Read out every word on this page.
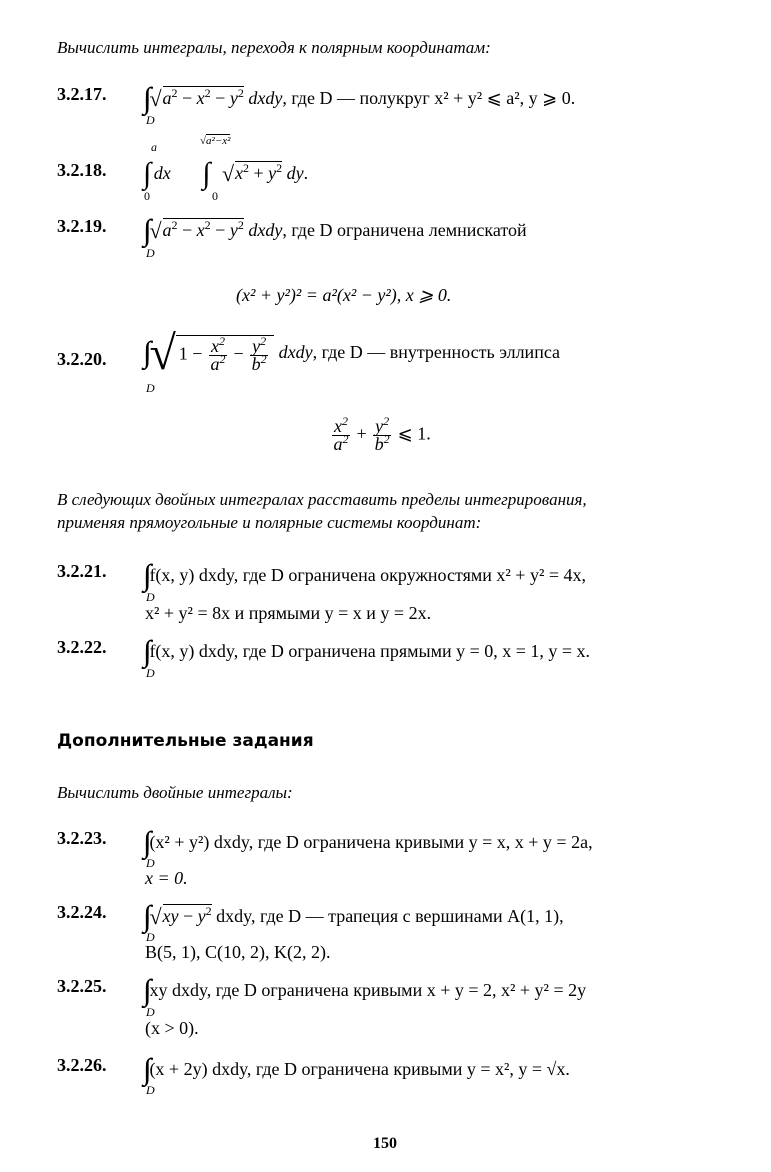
Вычислить интегралы, переходя к полярным координатам:
3.2.17. ∫∫ $√a^2 - x^2 - y^2$ dxdy, где D — полукруг x² + y² ⩽ a², y ⩾ 0.
D
3.2.18.
a	√a²−x²
∫ dx ∫ $√x^2 + y^2$ dy.
0	0
3.2.19. ∫∫ $√a^2 - x^2 - y^2$ dxdy, где D ограничена лемнискатой
D
(x² + y²)² = a²(x² − y²), x ⩾ 0.
3.2.20. ∫∫ √ $1 - \frac{x^2}{a^2} - \frac{y^2}{b^2}$ dxdy, где D — внутренность эллипса
D
$\frac{x^2}{a^2} + \frac{y^2}{b^2}$ ⩽ 1.
В следующих двойных интегралах расставить пределы интегрирования,
применяя прямоугольные и полярные системы координат:
3.2.21. ∫∫ f(x, y) dxdy, где D ограничена окружностями x² + y² = 4x,
D
x² + y² = 8x и прямыми y = x и y = 2x.
3.2.22. ∫∫ f(x, y) dxdy, где D ограничена прямыми y = 0, x = 1, y = x.
D
Дополнительные задания
Вычислить двойные интегралы:
3.2.23. ∫∫ (x² + y²) dxdy, где D ограничена кривыми y = x, x + y = 2a,
D
x = 0.
3.2.24. ∫∫ $√xy - y^2$ dxdy, где D — трапеция с вершинами A(1, 1),
D
B(5, 1), C(10, 2), K(2, 2).
3.2.25. ∫∫ xy dxdy, где D ограничена кривыми x + y = 2, x² + y² = 2y
D
(x > 0).
3.2.26. ∫∫ (x + 2y) dxdy, где D ограничена кривыми y = x², y = √x.
D
150
